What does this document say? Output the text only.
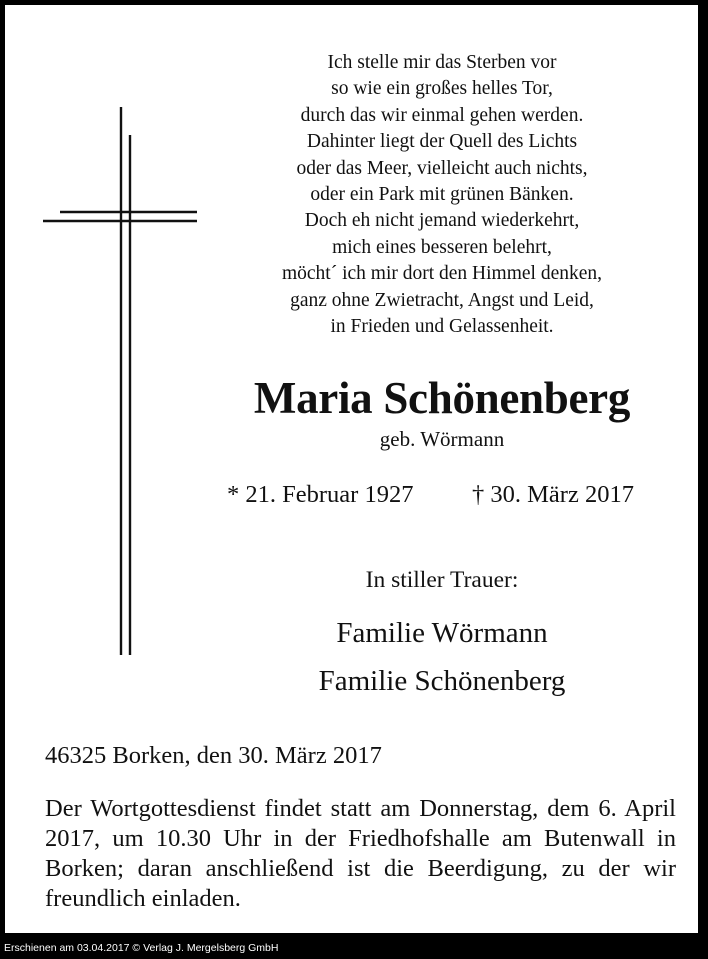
Ich stelle mir das Sterben vor
so wie ein großes helles Tor,
durch das wir einmal gehen werden.
Dahinter liegt der Quell des Lichts
oder das Meer, vielleicht auch nichts,
oder ein Park mit grünen Bänken.
Doch eh nicht jemand wiederkehrt,
mich eines besseren belehrt,
möcht´ ich mir dort den Himmel denken,
ganz ohne Zwietracht, Angst und Leid,
in Frieden und Gelassenheit.
Maria Schönenberg
geb. Wörmann
* 21. Februar 1927 † 30. März 2017
In stiller Trauer:
Familie Wörmann
Familie Schönenberg
46325 Borken, den 30. März 2017
Der Wortgottesdienst findet statt am Donnerstag, dem 6. April 2017, um 10.30 Uhr in der Friedhofshalle am Butenwall in Borken; daran anschließend ist die Beerdigung, zu der wir freundlich einladen.
Erschienen am 03.04.2017 © Verlag J. Mergelsberg GmbH
